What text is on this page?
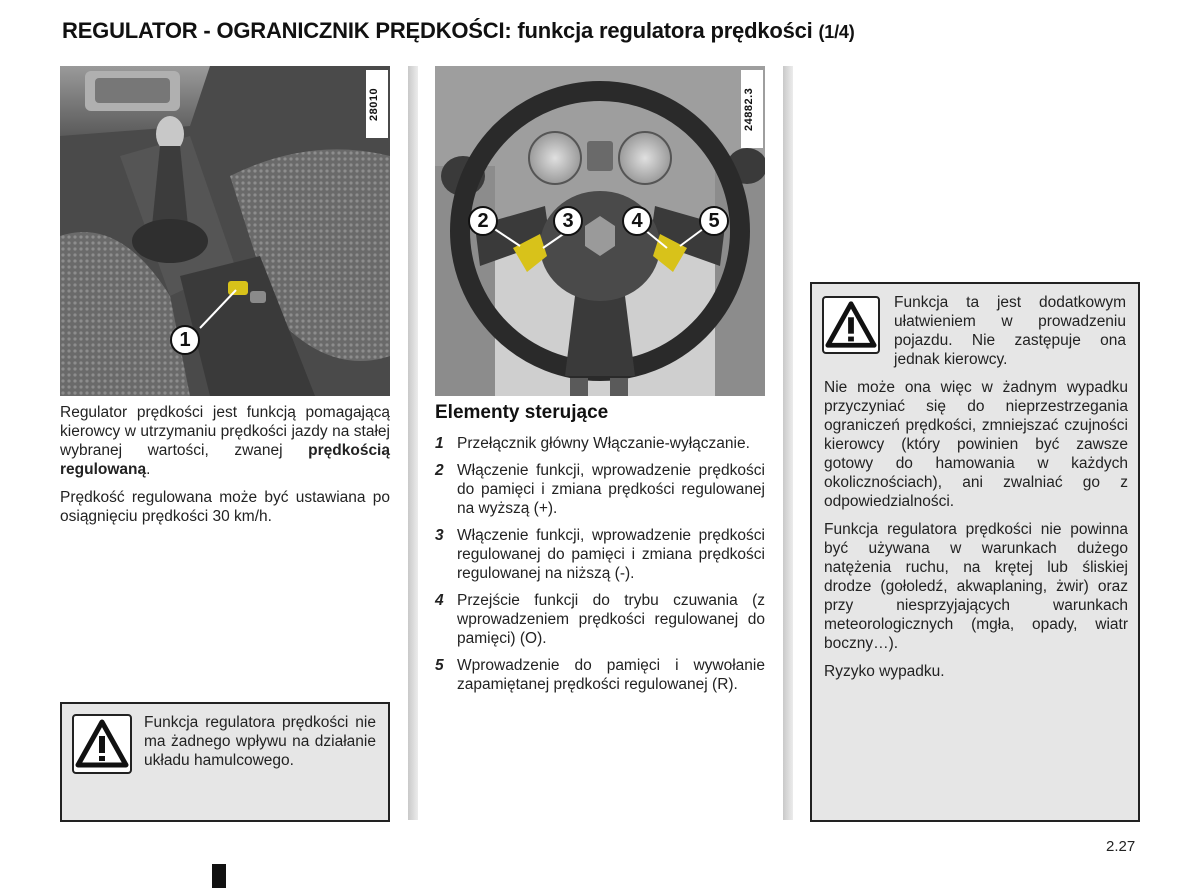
REGULATOR - OGRANICZNIK PRĘDKOŚCI: funkcja regulatora prędkości (1/4)
28010
1
24882.3
2	3	4	5
Regulator prędkości jest funkcją pomagającą kierowcy w utrzymaniu prędkości jazdy na stałej wybranej wartości, zwanej prędkością regulowaną.
Prędkość regulowana może być ustawiana po osiągnięciu prędkości 30 km/h.
Funkcja regulatora prędkości nie ma żadnego wpływu na działanie układu hamulcowego.
Elementy sterujące
1 Przełącznik główny Włączanie-wyłączanie.
2 Włączenie funkcji, wprowadzenie prędkości do pamięci i zmiana prędkości regulowanej na wyższą (+).
3 Włączenie funkcji, wprowadzenie prędkości regulowanej do pamięci i zmiana prędkości regulowanej na niższą (-).
4 Przejście funkcji do trybu czuwania (z wprowadzeniem prędkości regulowanej do pamięci) (O).
5 Wprowadzenie do pamięci i wywołanie zapamiętanej prędkości regulowanej (R).
Funkcja ta jest dodatkowym ułatwieniem w prowadzeniu pojazdu. Nie zastępuje ona jednak kierowcy.

Nie może ona więc w żadnym wypadku przyczyniać się do nieprzestrzegania ograniczeń prędkości, zmniejszać czujności kierowcy (który powinien być zawsze gotowy do hamowania w każdych okolicznościach), ani zwalniać go z odpowiedzialności.

Funkcja regulatora prędkości nie powinna być używana w warunkach dużego natężenia ruchu, na krętej lub śliskiej drodze (gołoledź, akwaplaning, żwir) oraz przy niesprzyjających warunkach meteorologicznych (mgła, opady, wiatr boczny…).

Ryzyko wypadku.

2.27
